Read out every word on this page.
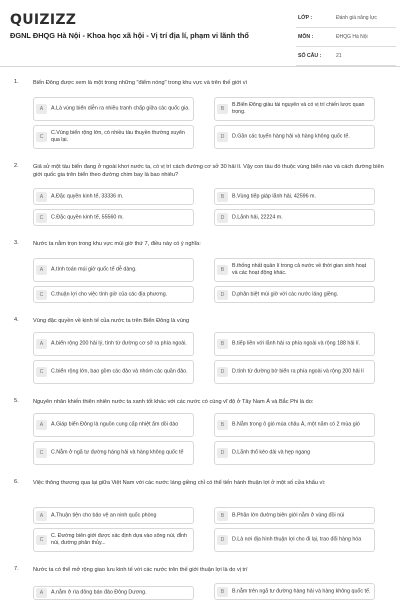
QUIZIZZ
ĐGNL ĐHQG Hà Nội - Khoa học xã hội - Vị trí địa lí, phạm vi lãnh thổ
LỚP :	Đánh giá năng lực
MÔN :	ĐHQG Hà Nội
SỐ CÂU :	21
1.	Biển Đông được xem là một trong những "điểm nóng" trong khu vực và trên thế giới vì
A	A.Là vùng biển diễn ra nhiều tranh chấp giữa các quốc gia.	B
B.Biển Đông giàu tài nguyên và có vị trí chiến lược quan trọng.
C
C.Vùng biển rộng lớn, có nhiều tàu thuyền thường xuyên qua lại.	D	D.Gần các tuyến hàng hải và hàng không quốc tế.
2.	Giả sử một tàu biển đang ở ngoài khơi nước ta, có vị trí cách đường cơ sở 30 hải lí. Vậy con tàu đó thuộc vùng biển nào và cách đường biên giới quốc gia trên biển theo đường chim bay là bao nhiêu?
A	A.Đặc quyền kinh tế, 33336 m.	B	B.Vùng tiếp giáp lãnh hải, 42596 m.
C	C.Đặc quyền kinh tế, 55560 m.	D	D.Lãnh hải, 22224 m.
3.	Nước ta nằm trọn trong khu vực múi giờ thứ 7, điều này có ý nghĩa:
A	A.tính toán múi giờ quốc tế dễ dàng.	B
B.thống nhất quản lí trong cả nước về thời gian sinh hoạt và các hoạt động khác.
C	C.thuận lợi cho việc tính giờ của các địa phương.	D	D.phân biệt múi giờ với các nước láng giềng.
4.	Vùng đặc quyền về kinh tế của nước ta trên Biển Đông là vùng
A	A.biển rộng 200 hải lý, tính từ đường cơ sở ra phía ngoài.	B	B.tiếp liền với lãnh hải ra phía ngoài và rộng 188 hải lí.
C	C.biển rộng lớn, bao gồm các đảo và nhóm các quần đảo.	D	D.tính từ đường bờ biển ra phía ngoài và rộng 200 hải lí
5.	Nguyên nhân khiến thiên nhiên nước ta xanh tốt khác với các nước có cùng vĩ độ ở Tây Nam Á và Bắc Phi là do:
A	A.Giáp biển Đông là nguồn cung cấp nhiệt ẩm dồi dào	B	B.Nằm trong ô gió mùa châu Á, một năm có 2 mùa gió
C	C.Nằm ở ngã tư đường hàng hải và hàng không quốc tế	D	D.Lãnh thổ kéo dài và hẹp ngang
6.	Việc thông thương qua lại giữa Việt Nam với các nước láng giềng chỉ có thể tiến hành thuận lợi ở một số cửa khẩu vì:
A	A.Thuận tiện cho bảo vệ an ninh quốc phòng	B	B.Phần lớn đường biên giới nằm ở vùng đồi núi
C
C. Đường biên giới được xác định dựa vào sông núi, đỉnh núi, đường phân thủy...	D	D.Là nơi địa hình thuận lợi cho đi lại, trao đổi hàng hóa
7.	Nước ta có thể mở rộng giao lưu kinh tế với các nước trên thế giới thuận lợi là do vị trí
A	A.nằm ở rìa đông bán đảo Đông Dương.	B	B.nằm trên ngã tư đường hàng hải và hàng không quốc tế.
